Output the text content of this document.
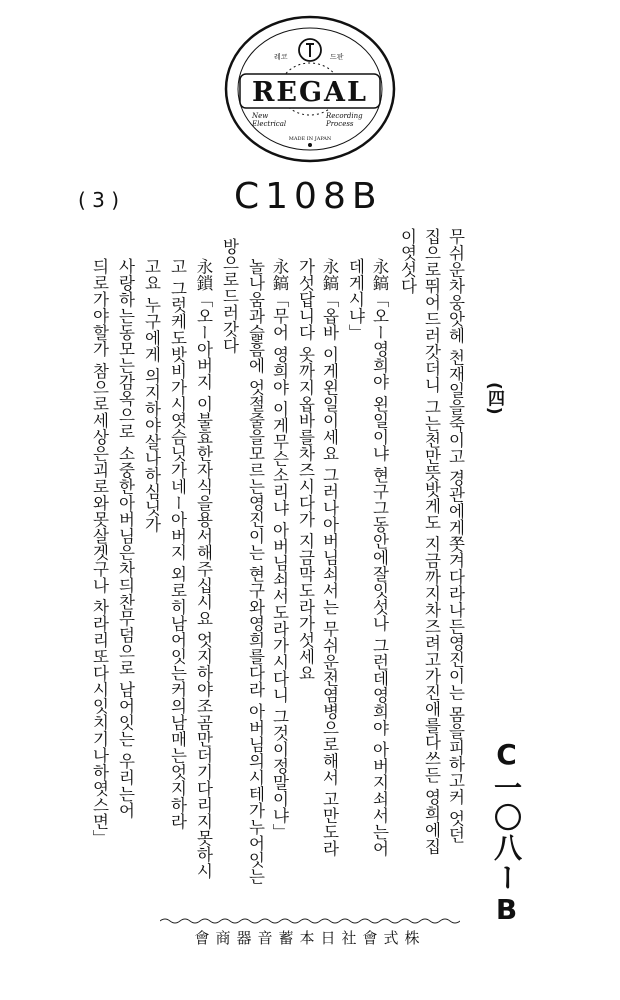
REGAL
레코	드판
New Electrical
Recording Process
MADE IN JAPAN
( 3 )	C108B
(四)
C一〇八ーB
무쉬운차웅앗헤 천재일을죽이고 경관에게쫏겨다라나든영진이는 몸을피하고커 엇던
집으로뛰어드러갓더니 그는천만뜻밧게도 지금까지차즈려고가진애를다쓰든 영희에집
이엿섯다
永鎬「오ー영희야 왼일이냐 현구그동안에잘잇섯나 그런데영희야 아버지쇠서는어
데게시냐」
永鎬「옵바 이게왼일이세요 그러나아버님쇠서는 무쉬운전염병으로해서 고만도라
가섯답니다 옷까지옵바를차즈시다가 지금막도라가섯세요
永鎬「무어 영희야 이게무슨소리냐 아버님쇠서도라가시다니 그것이정말이냐」
놀나움과슯흠에 엇절줄을모르는영진이는 현구와영희를다라 아버님의시테가누어잇는
방으로드러갓다
永鎖「오ー아버지 이불효한자식을용서해주십시요 엇지하야조곰만더기다리지못하시
고 그럿케도밧비가시엿슴닛가네ー아버지 외로히남어잇는커의남매는엇지하라
고요 누구에게 의지하야살나하심닛가
사랑하는동모는감옥으로 소중한아버님은차듸찬무덤으로 남어잇는 우리는어
듸로가야할가 참으로세상은괴로와못살겟구나 차라리또다시잇치기나하엿스면」
會商器音蓄本日社會式株
